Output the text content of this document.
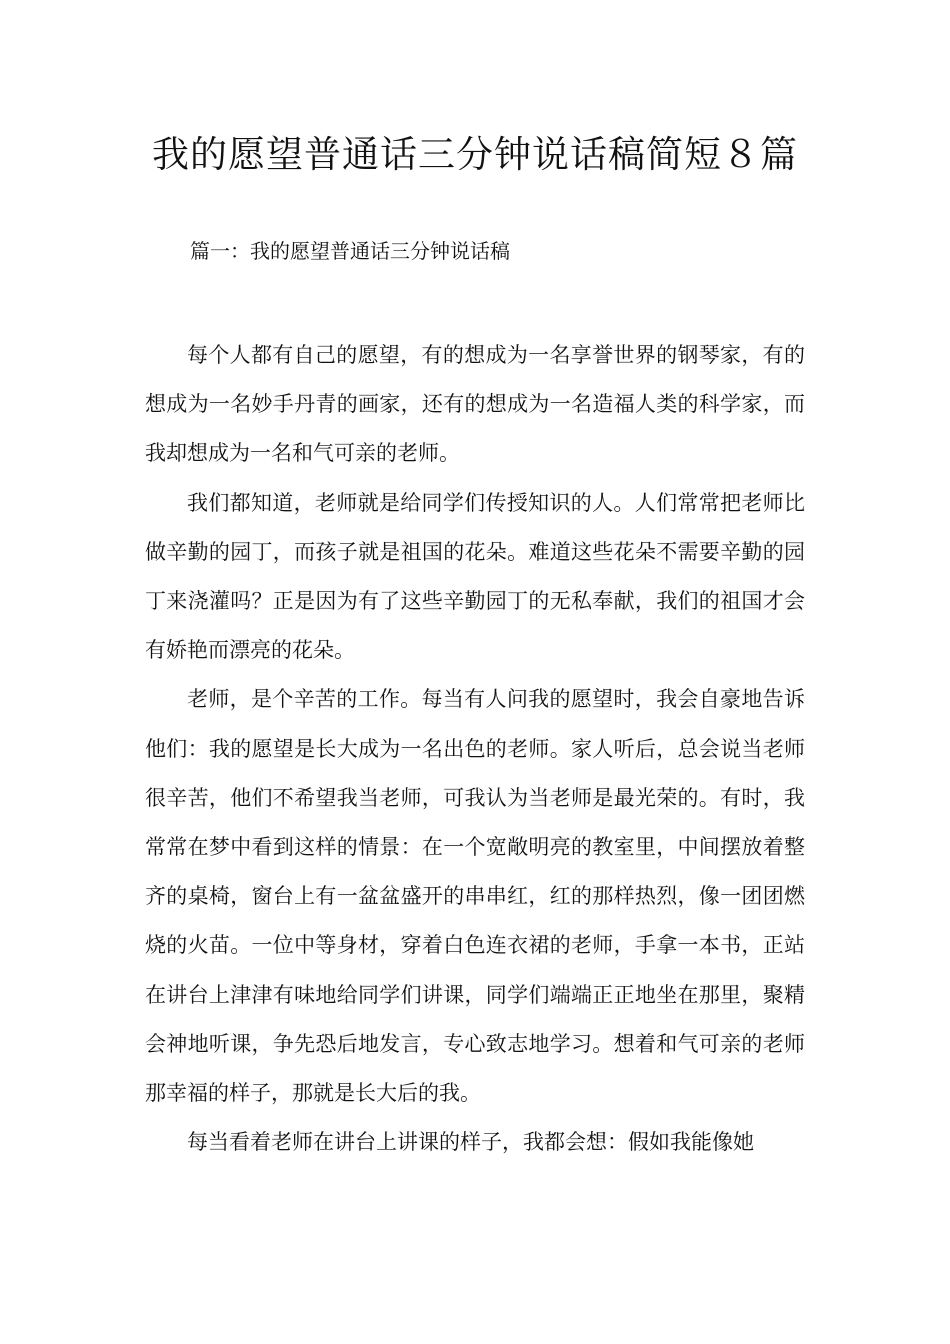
我的愿望普通话三分钟说话稿简短８篇
篇一：我的愿望普通话三分钟说话稿

每个人都有自己的愿望，有的想成为一名享誉世界的钢琴家，有的想成为一名妙手丹青的画家，还有的想成为一名造福人类的科学家，而我却想成为一名和气可亲的老师。

我们都知道，老师就是给同学们传授知识的人。人们常常把老师比做辛勤的园丁，而孩子就是祖国的花朵。难道这些花朵不需要辛勤的园丁来浇灌吗？正是因为有了这些辛勤园丁的无私奉献，我们的祖国才会有娇艳而漂亮的花朵。

老师，是个辛苦的工作。每当有人问我的愿望时，我会自豪地告诉他们：我的愿望是长大成为一名出色的老师。家人听后，总会说当老师很辛苦，他们不希望我当老师，可我认为当老师是最光荣的。有时，我常常在梦中看到这样的情景：在一个宽敞明亮的教室里，中间摆放着整齐的桌椅，窗台上有一盆盆盛开的串串红，红的那样热烈，像一团团燃烧的火苗。一位中等身材，穿着白色连衣裙的老师，手拿一本书，正站在讲台上津津有味地给同学们讲课，同学们端端正正地坐在那里，聚精会神地听课，争先恐后地发言，专心致志地学习。想着和气可亲的老师那幸福的样子，那就是长大后的我。

每当看着老师在讲台上讲课的样子，我都会想：假如我能像她
